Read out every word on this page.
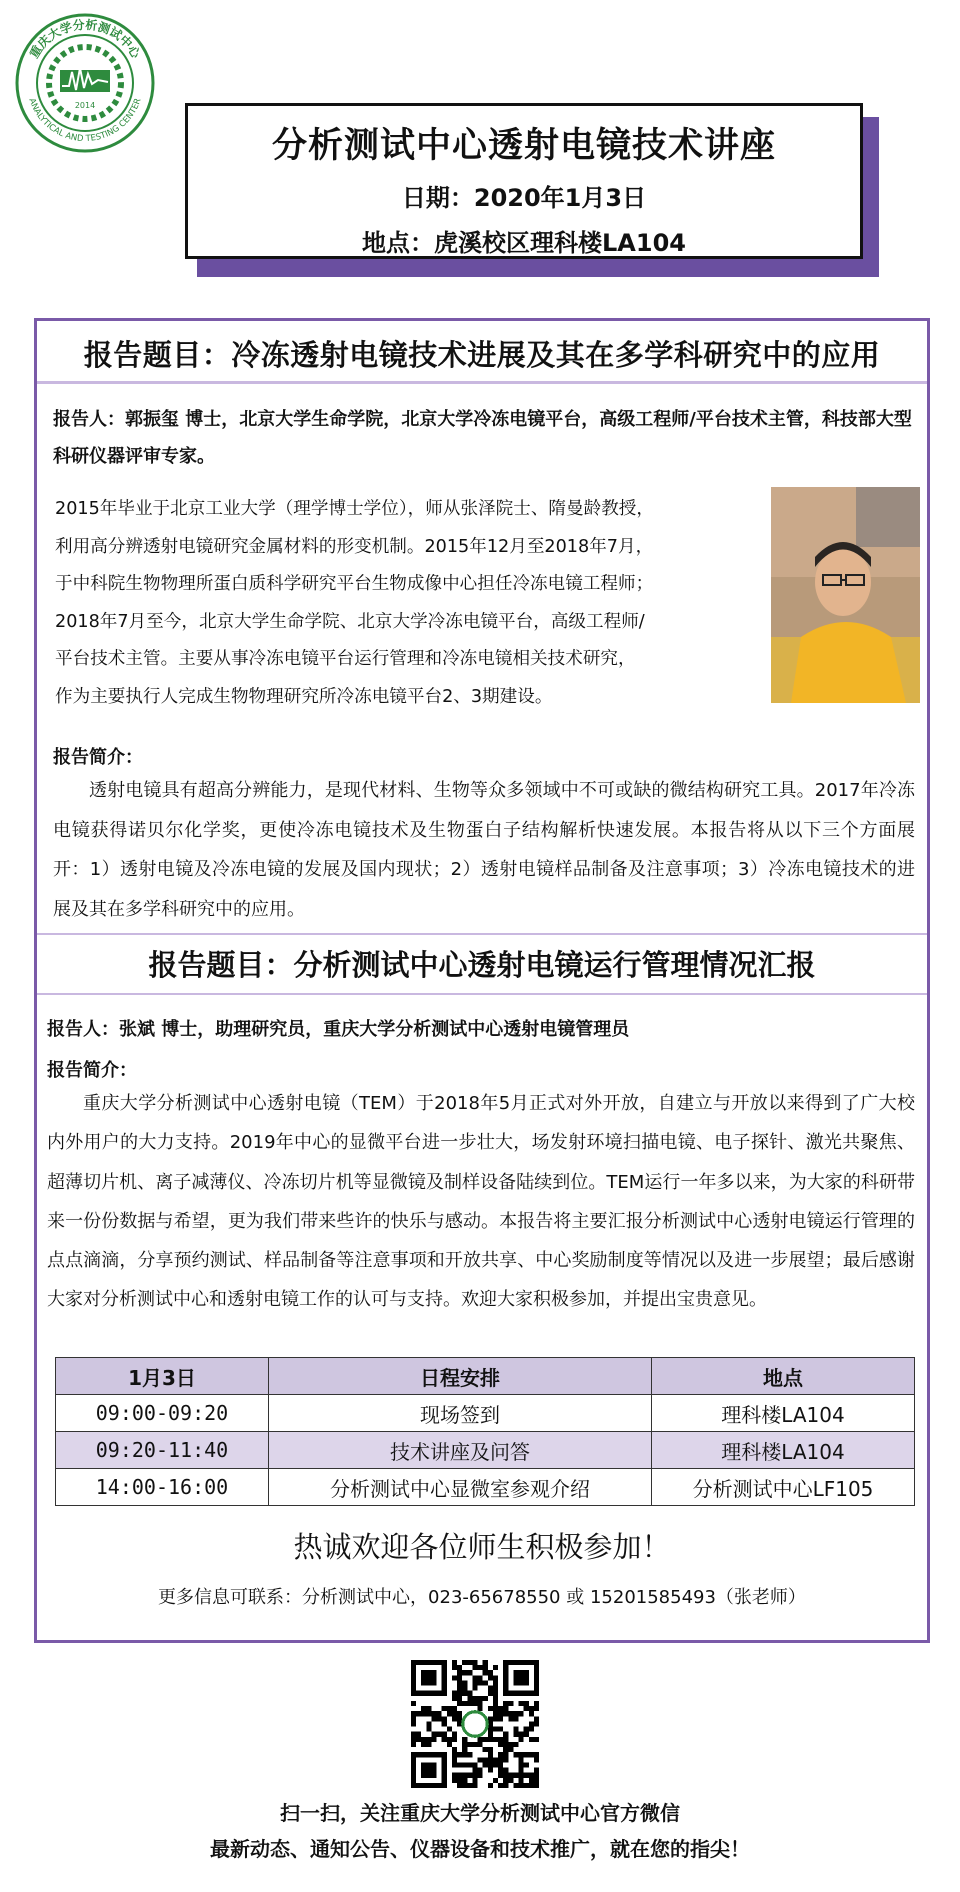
重庆大学分析测试中心
ANALYTICAL AND TESTING CENTER
2014
分析测试中心透射电镜技术讲座
日期：2020年1月3日
地点：虎溪校区理科楼LA104
报告题目：冷冻透射电镜技术进展及其在多学科研究中的应用
报告人：郭振玺 博士，北京大学生命学院，北京大学冷冻电镜平台，高级工程师/平台技术主管，科技部大型科研仪器评审专家。
2015年毕业于北京工业大学（理学博士学位），师从张泽院士、隋曼龄教授，
利用高分辨透射电镜研究金属材料的形变机制。2015年12月至2018年7月，
于中科院生物物理所蛋白质科学研究平台生物成像中心担任冷冻电镜工程师；
2018年7月至今，北京大学生命学院、北京大学冷冻电镜平台，高级工程师/
平台技术主管。主要从事冷冻电镜平台运行管理和冷冻电镜相关技术研究，
作为主要执行人完成生物物理研究所冷冻电镜平台2、3期建设。
报告简介：
透射电镜具有超高分辨能力，是现代材料、生物等众多领域中不可或缺的微结构研究工具。2017年冷冻电镜获得诺贝尔化学奖，更使冷冻电镜技术及生物蛋白子结构解析快速发展。本报告将从以下三个方面展开：1）透射电镜及冷冻电镜的发展及国内现状；2）透射电镜样品制备及注意事项；3）冷冻电镜技术的进展及其在多学科研究中的应用。
报告题目：分析测试中心透射电镜运行管理情况汇报
报告人：张斌 博士，助理研究员，重庆大学分析测试中心透射电镜管理员
报告简介：
重庆大学分析测试中心透射电镜（TEM）于2018年5月正式对外开放，自建立与开放以来得到了广大校内外用户的大力支持。2019年中心的显微平台进一步壮大，场发射环境扫描电镜、电子探针、激光共聚焦、超薄切片机、离子减薄仪、冷冻切片机等显微镜及制样设备陆续到位。TEM运行一年多以来，为大家的科研带来一份份数据与希望，更为我们带来些许的快乐与感动。本报告将主要汇报分析测试中心透射电镜运行管理的点点滴滴，分享预约测试、样品制备等注意事项和开放共享、中心奖励制度等情况以及进一步展望；最后感谢大家对分析测试中心和透射电镜工作的认可与支持。欢迎大家积极参加，并提出宝贵意见。
1月3日	日程安排	地点
09:00-09:20	现场签到	理科楼LA104
09:20-11:40	技术讲座及问答	理科楼LA104
14:00-16:00	分析测试中心显微室参观介绍	分析测试中心LF105
热诚欢迎各位师生积极参加！
更多信息可联系：分析测试中心，023-65678550 或 15201585493（张老师）
扫一扫，关注重庆大学分析测试中心官方微信
最新动态、通知公告、仪器设备和技术推广，就在您的指尖！
